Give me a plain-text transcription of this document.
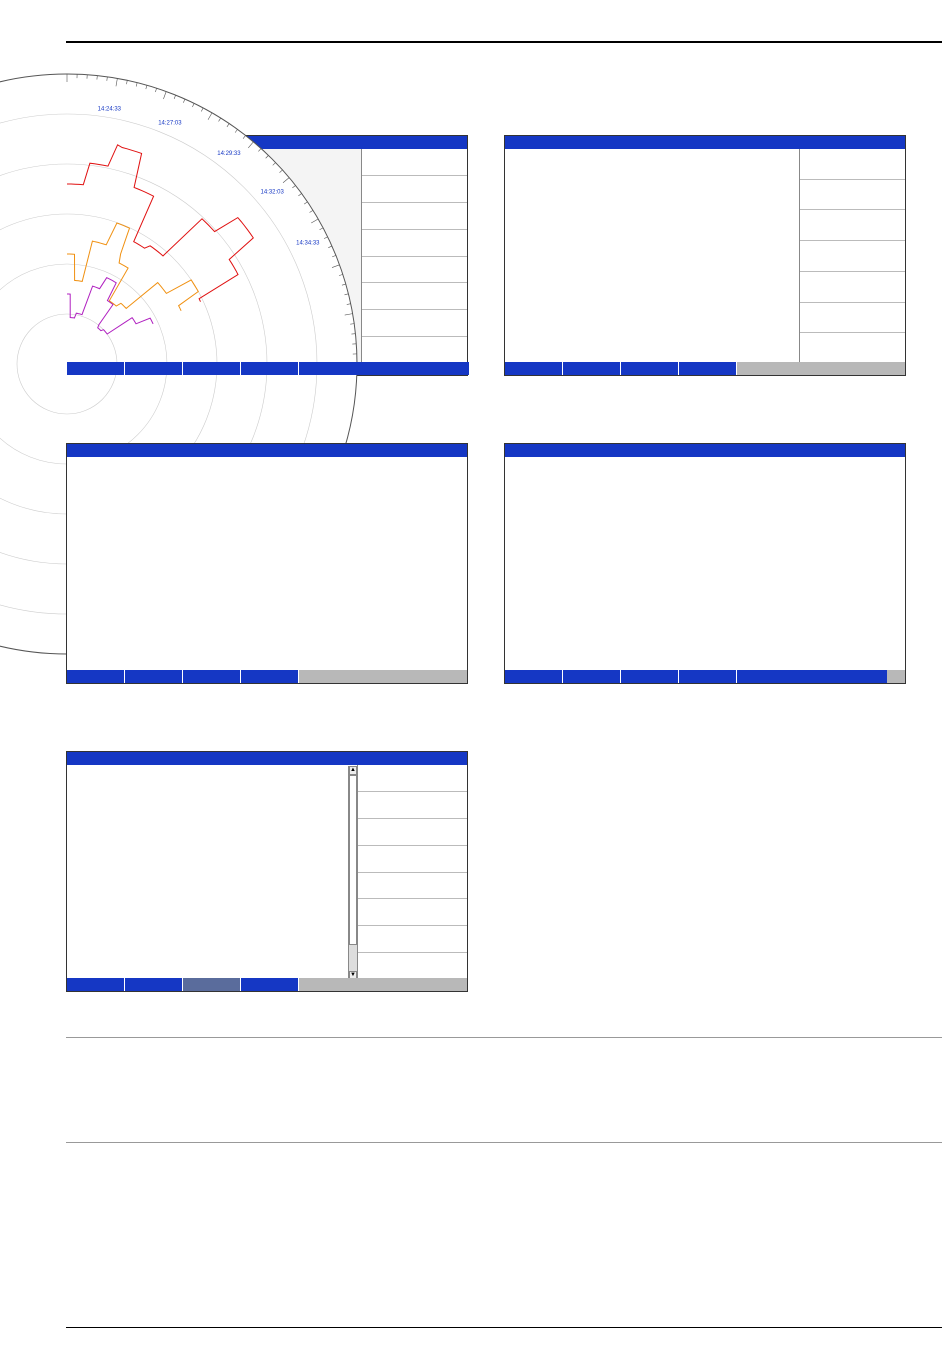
14:24:33
14:27:03
14:29:33
14:32:03
14:34:33
▲
▼
